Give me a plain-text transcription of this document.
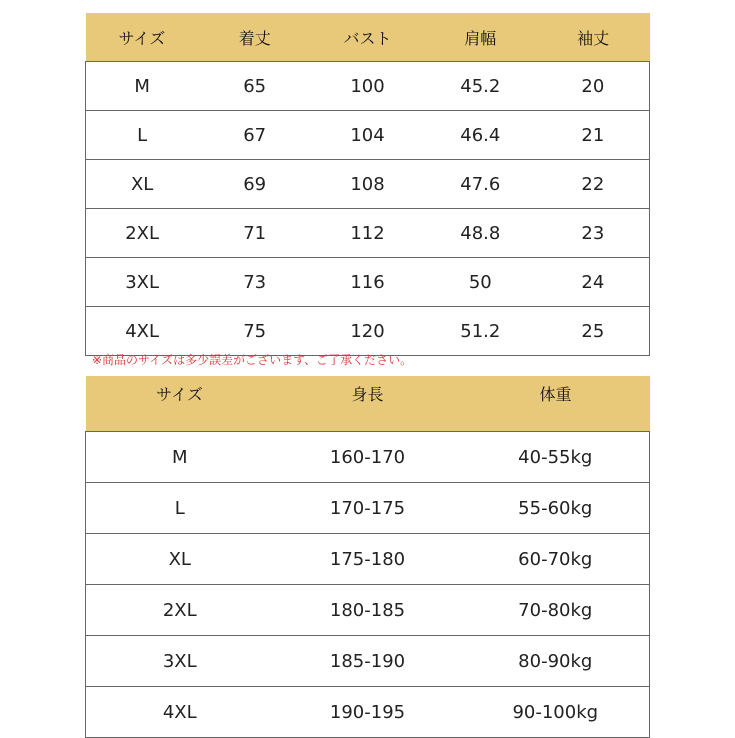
サイズ	着丈	バスト	肩幅	袖丈
M	65	100	45.2	20
L	67	104	46.4	21
XL	69	108	47.6	22
2XL	71	112	48.8	23
3XL	73	116	50	24
4XL	75	120	51.2	25
※商品のサイズは多少誤差がございます、ご了承ください。
サイズ	身長	体重
M	160-170	40-55kg
L	170-175	55-60kg
XL	175-180	60-70kg
2XL	180-185	70-80kg
3XL	185-190	80-90kg
4XL	190-195	90-100kg
